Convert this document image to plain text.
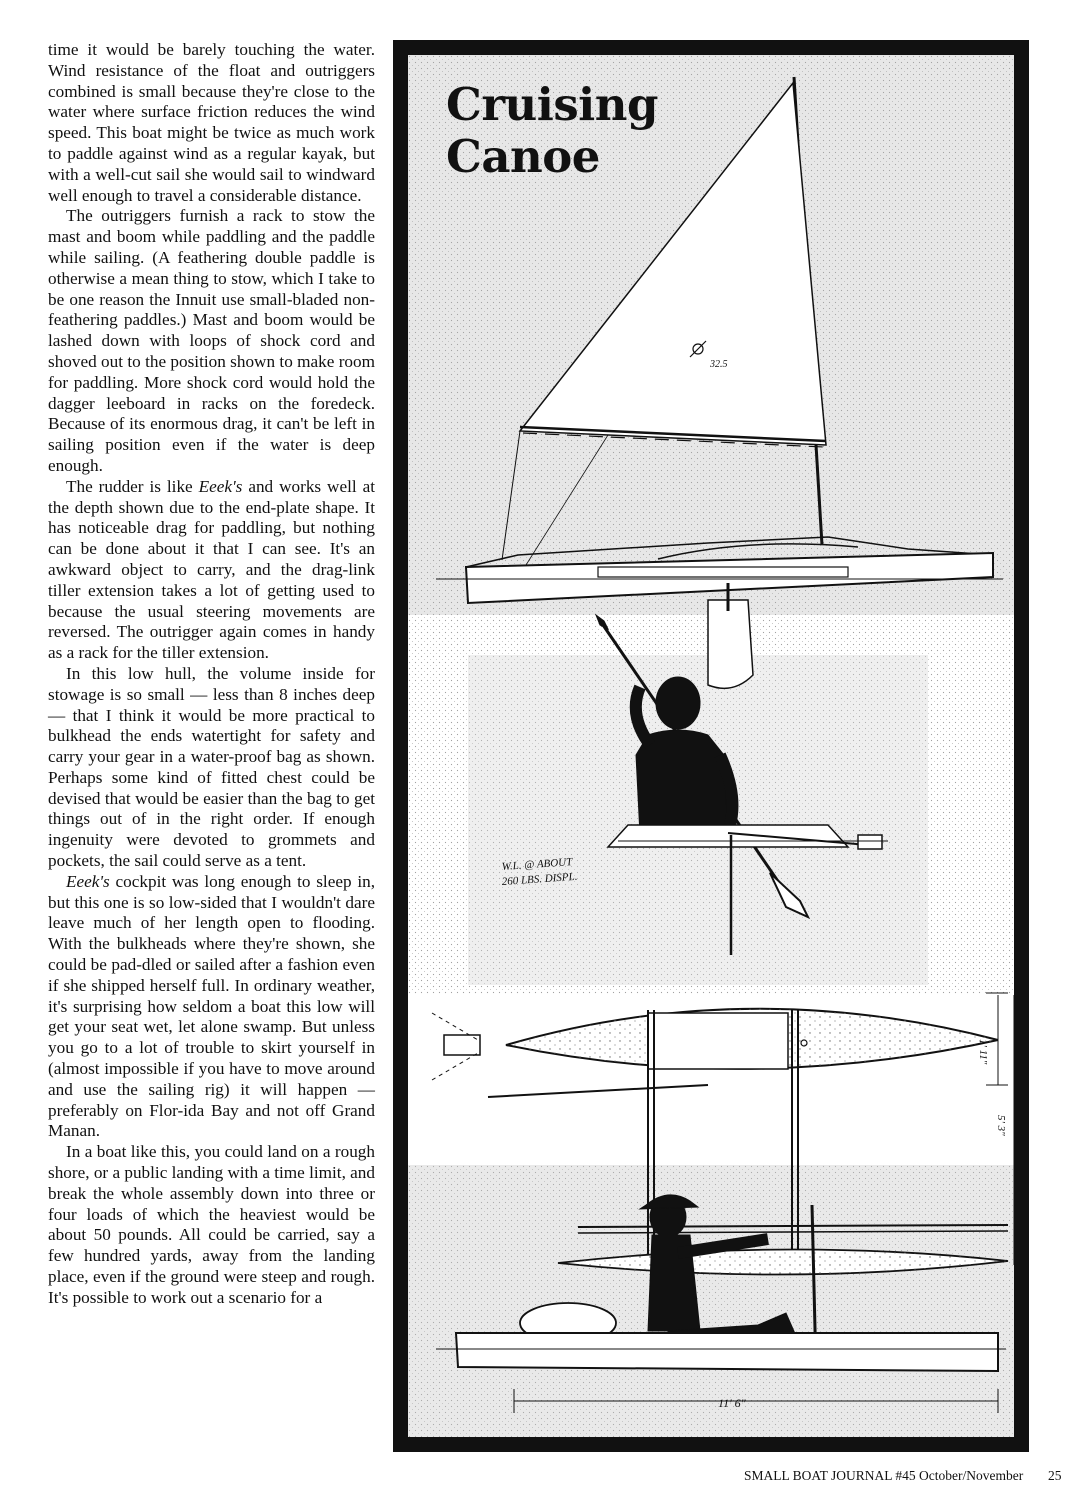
time it would be barely touching the water. Wind resistance of the float and outriggers combined is small because they're close to the water where surface friction reduces the wind speed. This boat might be twice as much work to paddle against wind as a regular kayak, but with a well-cut sail she would sail to windward well enough to travel a considerable distance.

The outriggers furnish a rack to stow the mast and boom while paddling and the paddle while sailing. (A feathering double paddle is otherwise a mean thing to stow, which I take to be one reason the Innuit use small-bladed non-feathering paddles.) Mast and boom would be lashed down with loops of shock cord and shoved out to the position shown to make room for paddling. More shock cord would hold the dagger leeboard in racks on the foredeck. Because of its enormous drag, it can't be left in sailing position even if the water is deep enough.

The rudder is like Eeek's and works well at the depth shown due to the end-plate shape. It has noticeable drag for paddling, but nothing can be done about it that I can see. It's an awkward object to carry, and the drag-link tiller extension takes a lot of getting used to because the usual steering movements are reversed. The outrigger again comes in handy as a rack for the tiller extension.

In this low hull, the volume inside for stowage is so small — less than 8 inches deep — that I think it would be more practical to bulkhead the ends watertight for safety and carry your gear in a water-proof bag as shown. Perhaps some kind of fitted chest could be devised that would be easier than the bag to get things out of in the right order. If enough ingenuity were devoted to grommets and pockets, the sail could serve as a tent.

Eeek's cockpit was long enough to sleep in, but this one is so low-sided that I wouldn't dare leave much of her length open to flooding. With the bulkheads where they're shown, she could be pad-dled or sailed after a fashion even if she shipped herself full. In ordinary weather, it's surprising how seldom a boat this low will get your seat wet, let alone swamp. But unless you go to a lot of trouble to skirt yourself in (almost impossible if you have to move around and use the sailing rig) it will happen — preferably on Flor-ida Bay and not off Grand Manan.

In a boat like this, you could land on a rough shore, or a public landing with a time limit, and break the whole assembly down into three or four loads of which the heaviest would be about 50 pounds. All could be carried, say a few hundred yards, away from the landing place, even if the ground were steep and rough. It's possible to work out a scenario for a

32.5
W.L. @ ABOUT
260 LBS. DISPL.
1' 11"
5' 3"
11' 6"
Cruising
Canoe
SMALL BOAT JOURNAL #45 October/November 25
